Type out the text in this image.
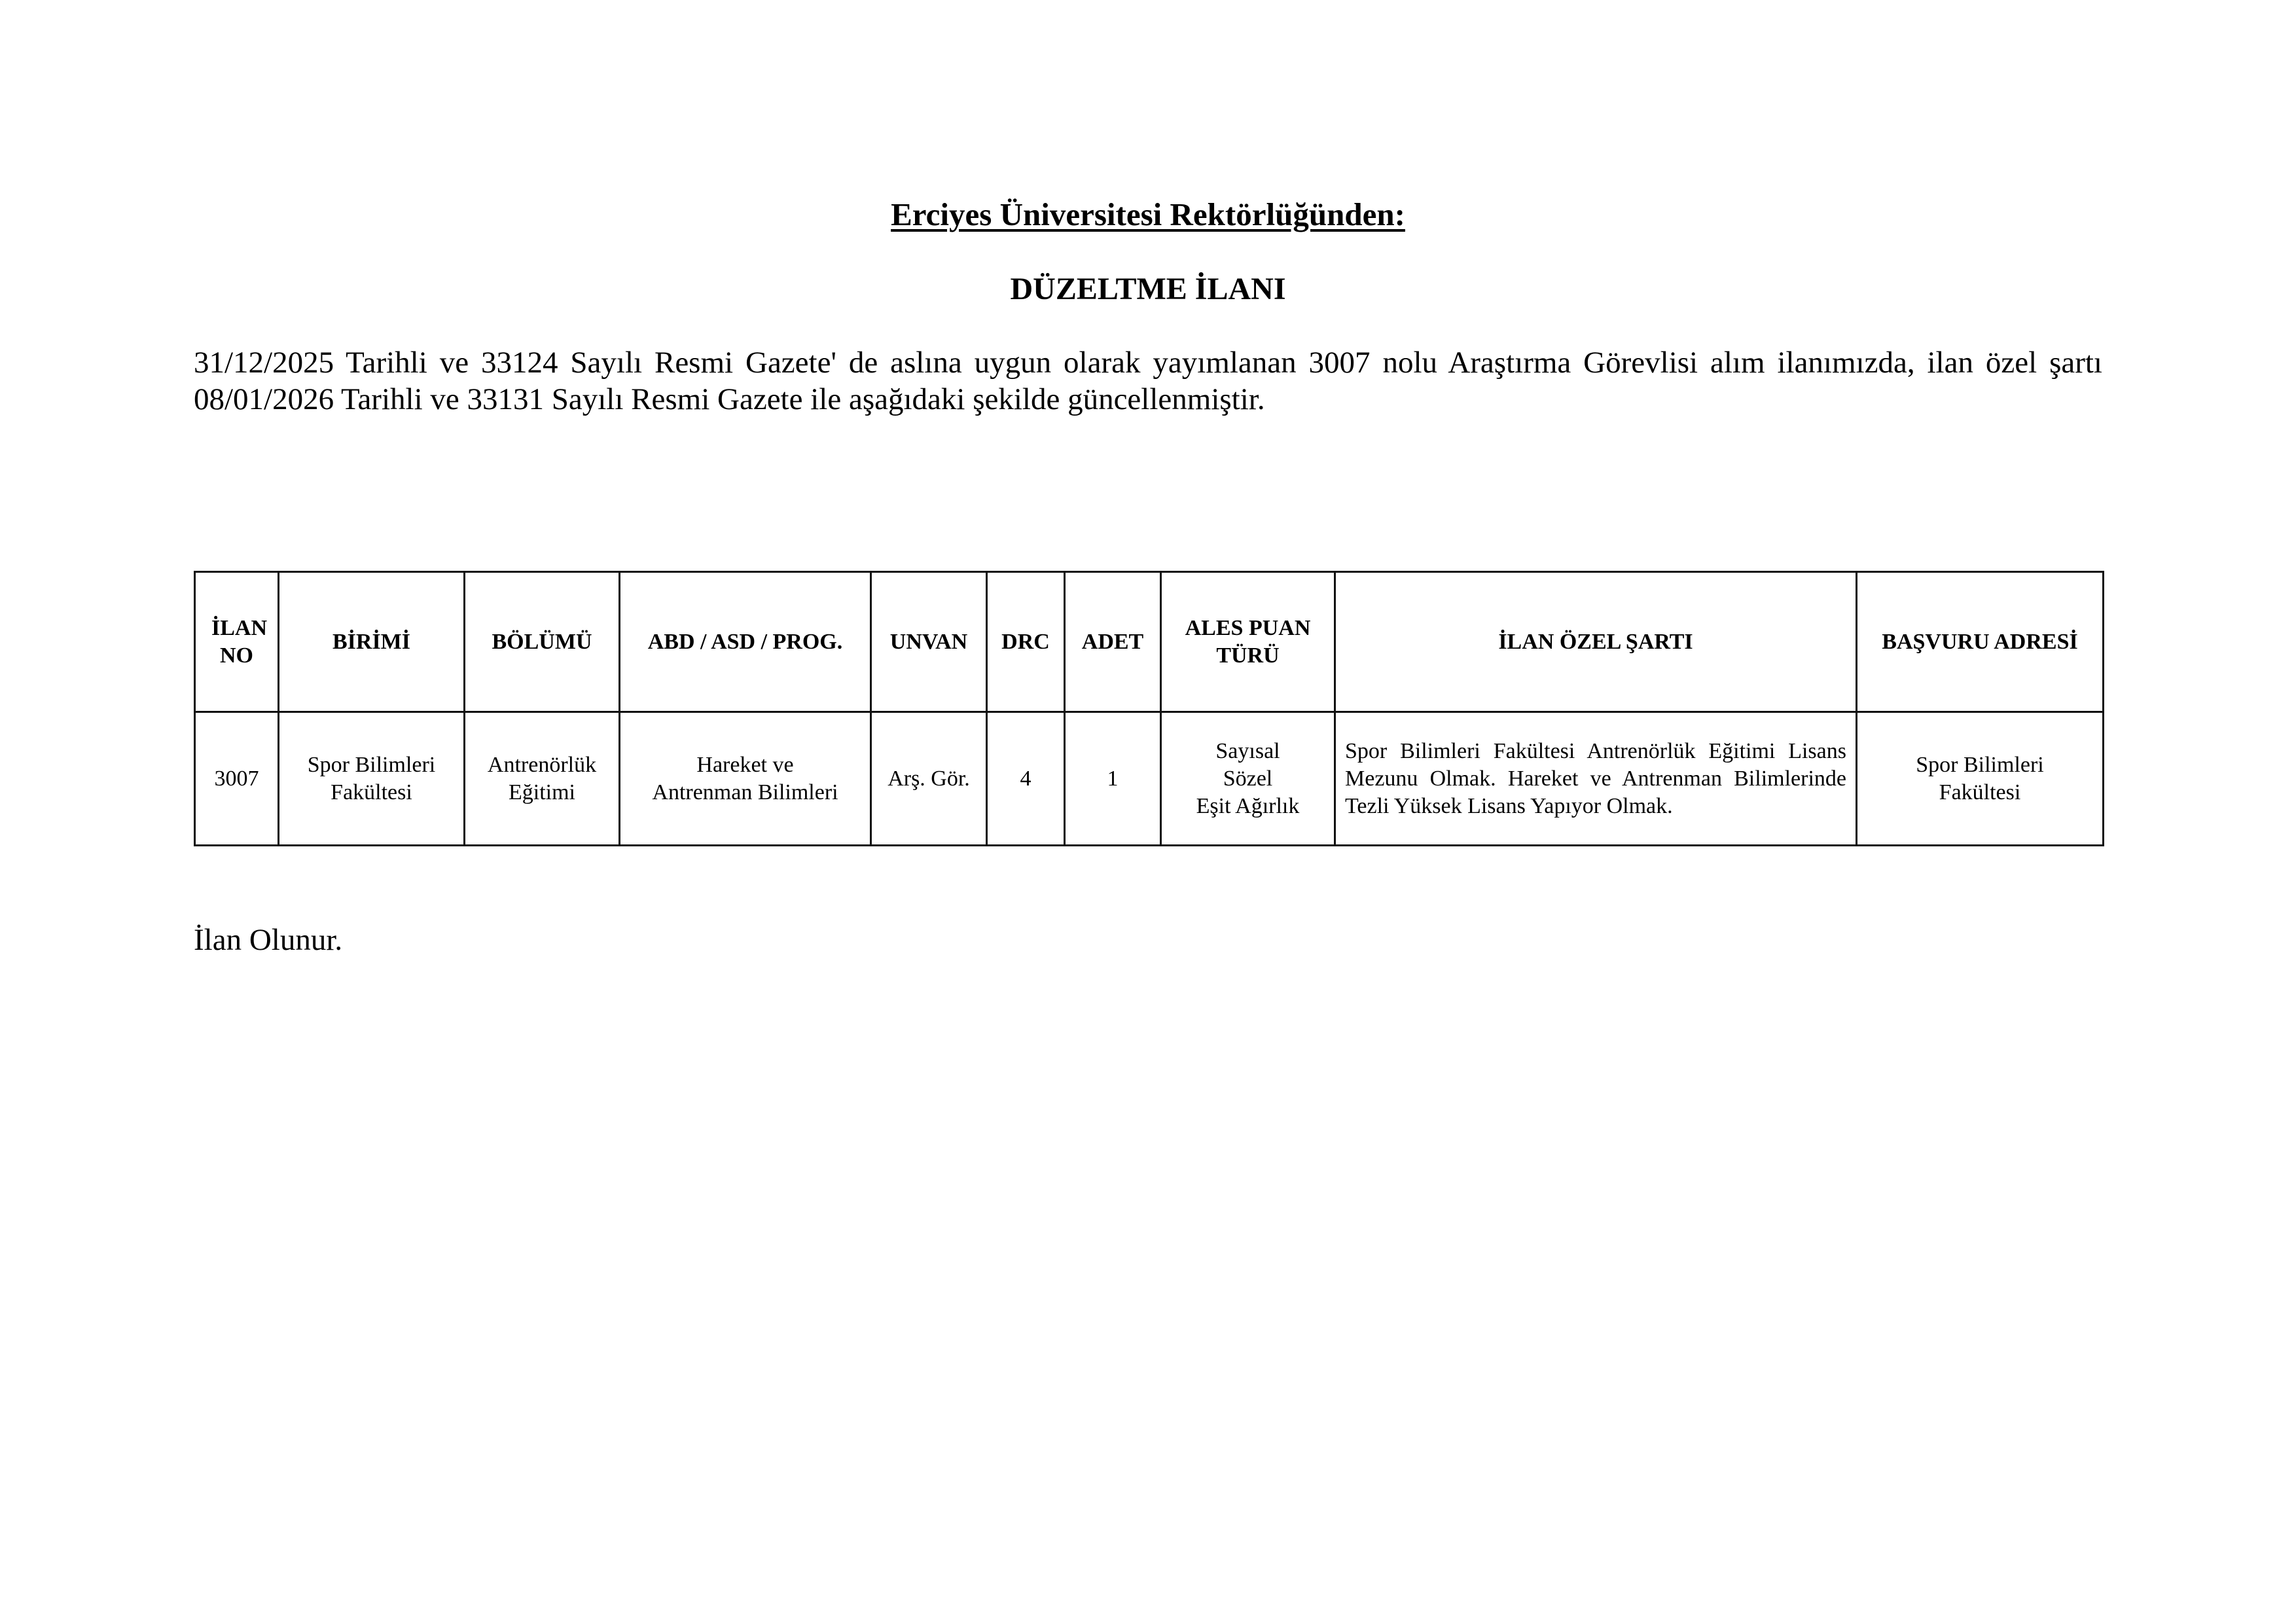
Erciyes Üniversitesi Rektörlüğünden:
DÜZELTME İLANI

31/12/2025 Tarihli ve 33124 Sayılı Resmi Gazete' de aslına uygun olarak yayımlanan 3007 nolu Araştırma Görevlisi alım ilanımızda, ilan özel şartı 08/01/2026 Tarihli ve 33131 Sayılı Resmi Gazete ile aşağıdaki şekilde güncellenmiştir.

İLAN NO	BİRİMİ	BÖLÜMÜ	ABD / ASD / PROG.	UNVAN	DRC	ADET	ALES PUAN TÜRÜ	İLAN ÖZEL ŞARTI	BAŞVURU ADRESİ
3007	Spor Bilimleri Fakültesi	Antrenörlük Eğitimi	Hareket ve Antrenman Bilimleri	Arş. Gör.	4	1	Sayısal
Sözel
Eşit Ağırlık	Spor Bilimleri Fakültesi Antrenörlük Eğitimi Lisans Mezunu Olmak. Hareket ve Antrenman Bilimlerinde Tezli Yüksek Lisans Yapıyor Olmak.	Spor Bilimleri Fakültesi
İlan Olunur.
